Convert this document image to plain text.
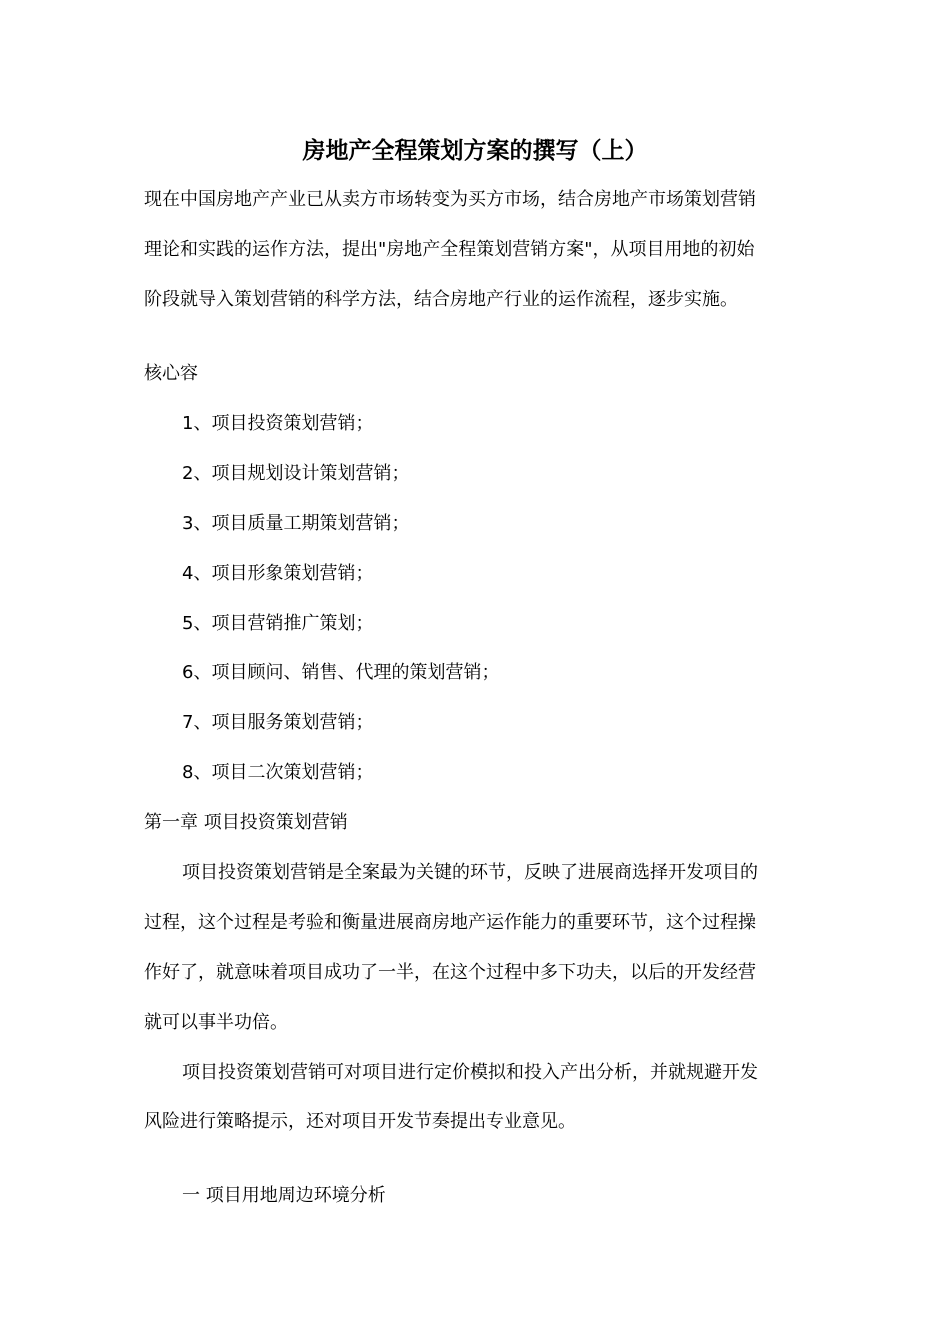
房地产全程策划方案的撰写（上）

现在中国房地产产业已从卖方市场转变为买方市场，结合房地产市场策划营销

理论和实践的运作方法，提出"房地产全程策划营销方案"，从项目用地的初始

阶段就导入策划营销的科学方法，结合房地产行业的运作流程，逐步实施。

核心容

1、项目投资策划营销；

2、项目规划设计策划营销；

3、项目质量工期策划营销；

4、项目形象策划营销；

5、项目营销推广策划；

6、项目顾问、销售、代理的策划营销；

7、项目服务策划营销；

8、项目二次策划营销；

第一章 项目投资策划营销

项目投资策划营销是全案最为关键的环节，反映了进展商选择开发项目的

过程，这个过程是考验和衡量进展商房地产运作能力的重要环节，这个过程操

作好了，就意味着项目成功了一半，在这个过程中多下功夫，以后的开发经营

就可以事半功倍。

项目投资策划营销可对项目进行定价模拟和投入产出分析，并就规避开发

风险进行策略提示，还对项目开发节奏提出专业意见。

一 项目用地周边环境分析
